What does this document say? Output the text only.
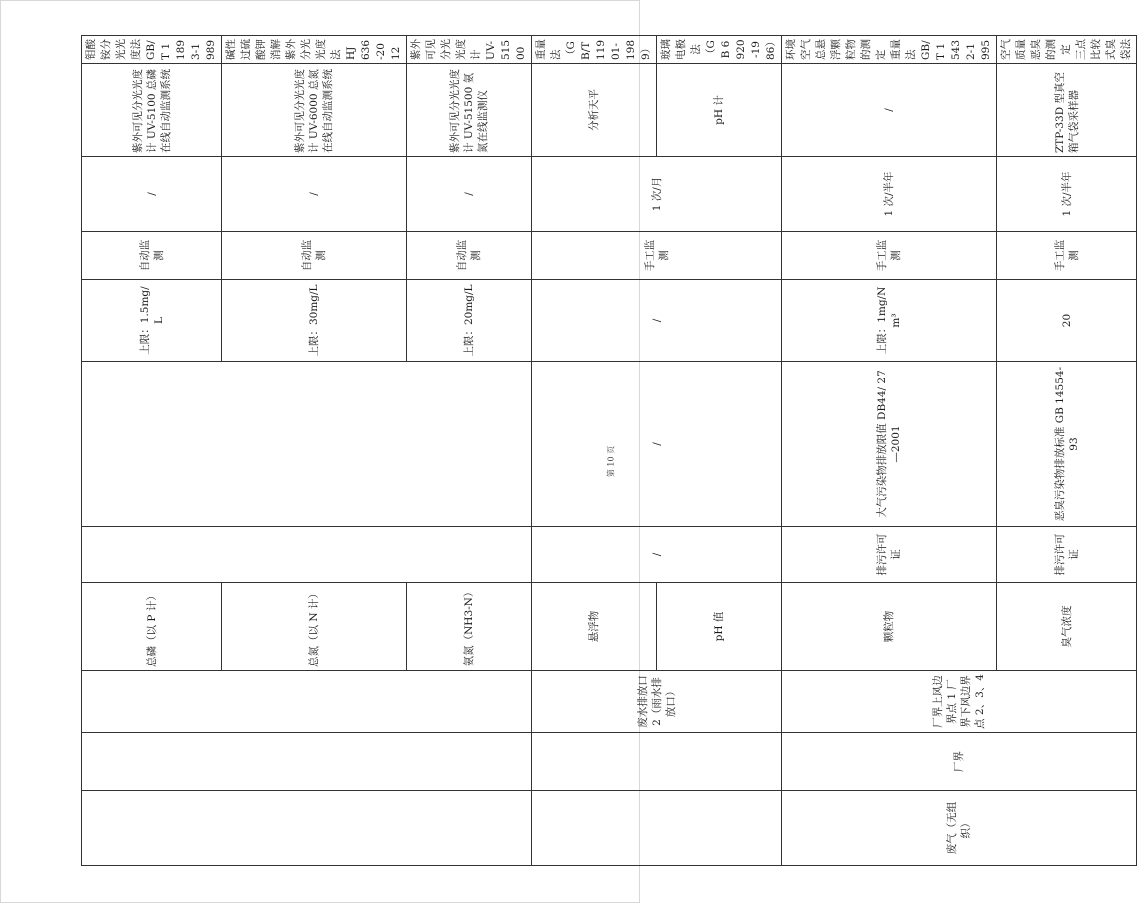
			总磷（以 P 计）			上限：1.5mg/L	自动监测	/	紫外可见分光光度计 UV-5100 总磷在线自动监测系统	钼酸铵分光光度法 GB/T 11893-1989
			总氮（以 N 计）			上限：30mg/L	自动监测	/	紫外可见分光光度计 UV-6000 总氮在线自动监测系统	碱性过硫酸钾消解 紫外分光光度法 HJ 636-2012
			氨氮（NH3-N）			上限：20mg/L	自动监测	/	紫外可见分光光度计 UV-51500 氨氮在线监测仪	紫外可见分光光度计 UV-51500
		废水排放口 2（雨水排放口）	悬浮物	/	/	/	手工监测	1 次/月	分析天平	重量法（GB/T 11901-1989）
			pH 值						pH 计	玻璃电极法（GB 6920-1986）
废气（无组织）	厂界	厂界上风边界点 1 厂界下风边界点 2、3、4	颗粒物	排污许可证	大气污染物排放限值 DB44/ 27—2001	上限：1mg/Nm³	手工监测	1 次/半年	/	环境空气 总悬浮颗粒物的测定 重量法 GB/T 15432-1995
			臭气浓度	排污许可证	恶臭污染物排放标准 GB 14554-93	20	手工监测	1 次/半年	ZTP-33D 型真空箱气袋采样器	空气质量 恶臭的测定 三点比较式臭袋法
第 10 页
